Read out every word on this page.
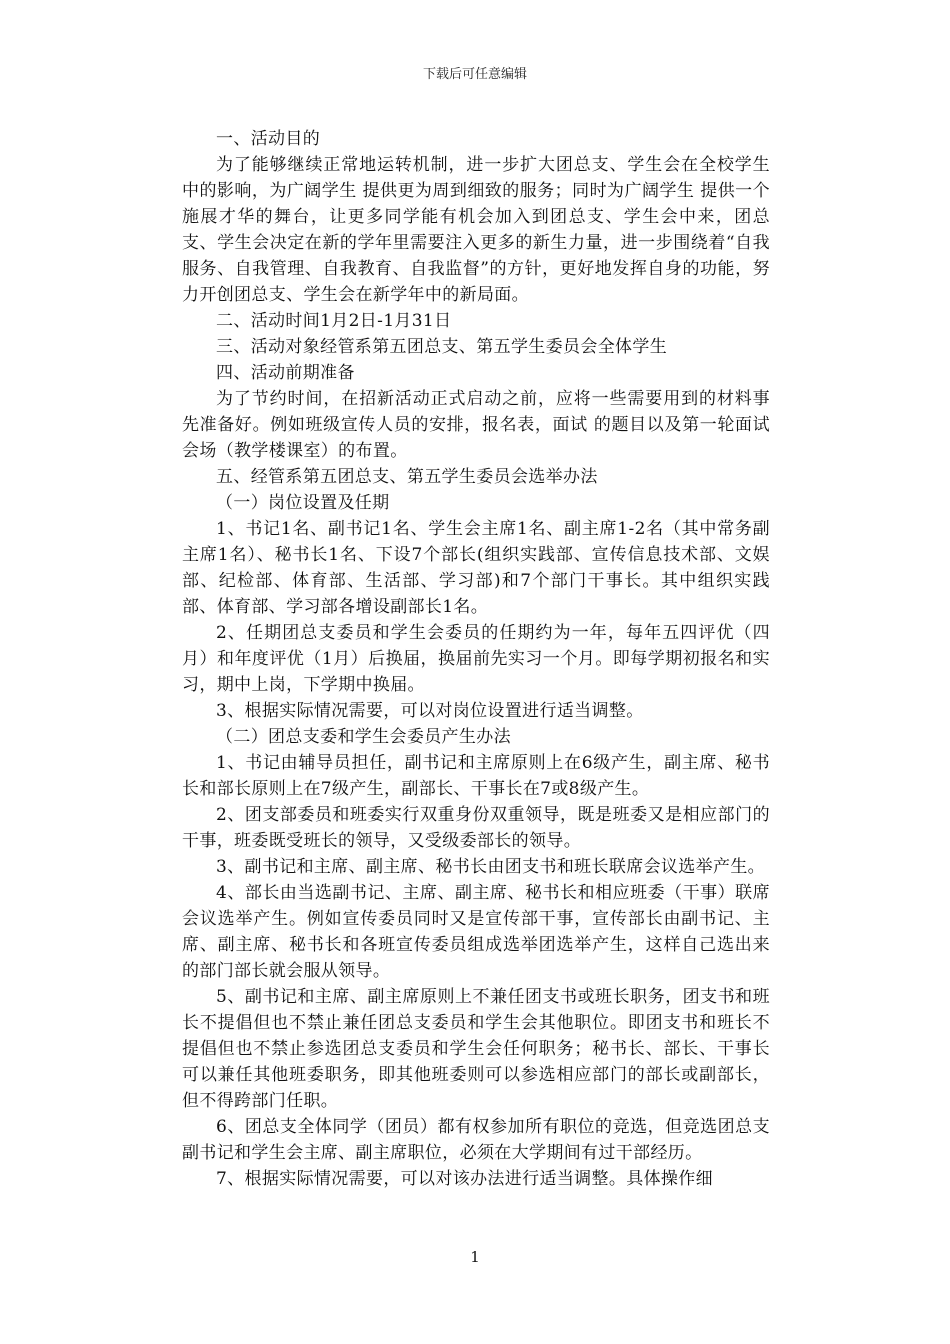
下载后可任意编辑

一、活动目的

为了能够继续正常地运转机制，进一步扩大团总支、学生会在全校学生中的影响，为广阔学生 提供更为周到细致的服务；同时为广阔学生 提供一个施展才华的舞台，让更多同学能有机会加入到团总支、学生会中来，团总支、学生会决定在新的学年里需要注入更多的新生力量，进一步围绕着“自我服务、自我管理、自我教育、自我监督”的方针，更好地发挥自身的功能，努力开创团总支、学生会在新学年中的新局面。

二、活动时间1月2日-1月31日

三、活动对象经管系第五团总支、第五学生委员会全体学生

四、活动前期准备

为了节约时间，在招新活动正式启动之前，应将一些需要用到的材料事先准备好。例如班级宣传人员的安排，报名表，面试 的题目以及第一轮面试 会场（教学楼课室）的布置。

五、经管系第五团总支、第五学生委员会选举办法

（一）岗位设置及任期

1、书记1名、副书记1名、学生会主席1名、副主席1-2名（其中常务副主席1名）、秘书长1名、下设7个部长(组织实践部、宣传信息技术部、文娱部、纪检部、体育部、生活部、学习部)和7个部门干事长。其中组织实践部、体育部、学习部各增设副部长1名。

2、任期团总支委员和学生会委员的任期约为一年，每年五四评优（四月）和年度评优（1月）后换届，换届前先实习一个月。即每学期初报名和实习，期中上岗，下学期中换届。

3、根据实际情况需要，可以对岗位设置进行适当调整。

（二）团总支委和学生会委员产生办法

1、书记由辅导员担任，副书记和主席原则上在6级产生，副主席、秘书长和部长原则上在7级产生，副部长、干事长在7或8级产生。

2、团支部委员和班委实行双重身份双重领导，既是班委又是相应部门的干事，班委既受班长的领导，又受级委部长的领导。

3、副书记和主席、副主席、秘书长由团支书和班长联席会议选举产生。

4、部长由当选副书记、主席、副主席、秘书长和相应班委（干事）联席会议选举产生。例如宣传委员同时又是宣传部干事，宣传部长由副书记、主席、副主席、秘书长和各班宣传委员组成选举团选举产生，这样自己选出来的部门部长就会服从领导。

5、副书记和主席、副主席原则上不兼任团支书或班长职务，团支书和班长不提倡但也不禁止兼任团总支委员和学生会其他职位。即团支书和班长不提倡但也不禁止参选团总支委员和学生会任何职务；秘书长、部长、干事长可以兼任其他班委职务，即其他班委则可以参选相应部门的部长或副部长，但不得跨部门任职。

6、团总支全体同学（团员）都有权参加所有职位的竞选，但竞选团总支副书记和学生会主席、副主席职位，必须在大学期间有过干部经历。

7、根据实际情况需要，可以对该办法进行适当调整。具体操作细

1
